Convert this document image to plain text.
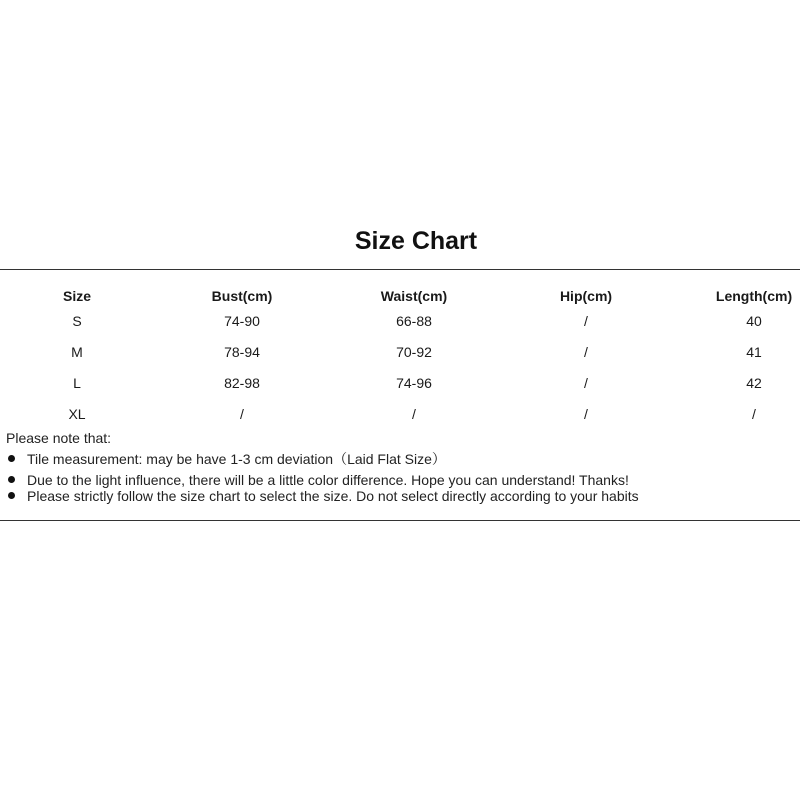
Size Chart
Size	Bust(cm)	Waist(cm)	Hip(cm)	Length(cm)
S	74-90	66-88	/	40
M	78-94	70-92	/	41
L	82-98	74-96	/	42
XL	/	/	/	/
Please note that:
Tile measurement: may be have 1-3 cm deviation（Laid Flat Size）
Due to the light influence, there will be a little color difference. Hope you can understand! Thanks!
Please strictly follow the size chart to select the size. Do not select directly according to your habits
